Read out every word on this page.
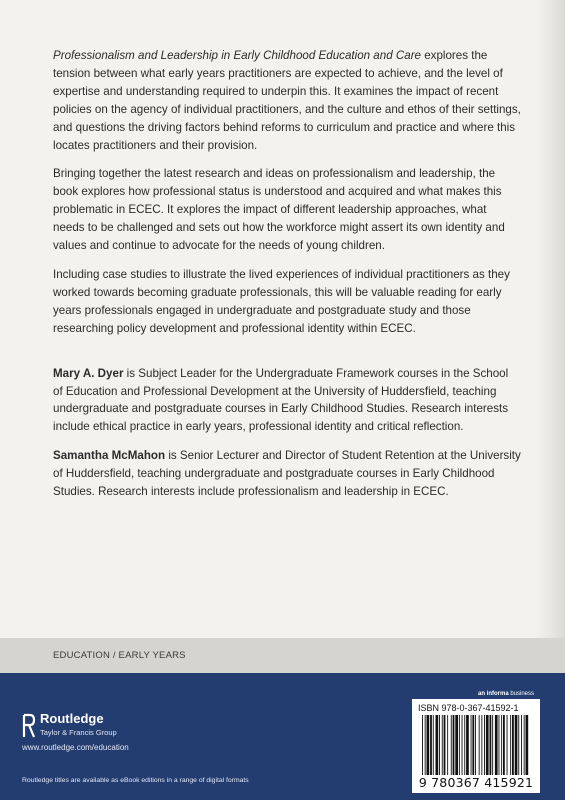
Professionalism and Leadership in Early Childhood Education and Care explores the tension between what early years practitioners are expected to achieve, and the level of expertise and understanding required to underpin this. It examines the impact of recent policies on the agency of individual practitioners, and the culture and ethos of their settings, and questions the driving factors behind reforms to curriculum and practice and where this locates practitioners and their provision.

Bringing together the latest research and ideas on professionalism and leadership, the book explores how professional status is understood and acquired and what makes this problematic in ECEC. It explores the impact of different leadership approaches, what needs to be challenged and sets out how the workforce might assert its own identity and values and continue to advocate for the needs of young children.

Including case studies to illustrate the lived experiences of individual practitioners as they worked towards becoming graduate professionals, this will be valuable reading for early years professionals engaged in undergraduate and postgraduate study and those researching policy development and professional identity within ECEC.

Mary A. Dyer is Subject Leader for the Undergraduate Framework courses in the School of Education and Professional Development at the University of Huddersfield, teaching undergraduate and postgraduate courses in Early Childhood Studies. Research interests include ethical practice in early years, professional identity and critical reflection.

Samantha McMahon is Senior Lecturer and Director of Student Retention at the University of Huddersfield, teaching undergraduate and postgraduate courses in Early Childhood Studies. Research interests include professionalism and leadership in ECEC.

EDUCATION / EARLY YEARS
Routledge
Taylor & Francis Group
www.routledge.com/education
Routledge titles are available as eBook editions in a range of digital formats
an informa business
ISBN 978-0-367-41592-1
9 780367 415921
